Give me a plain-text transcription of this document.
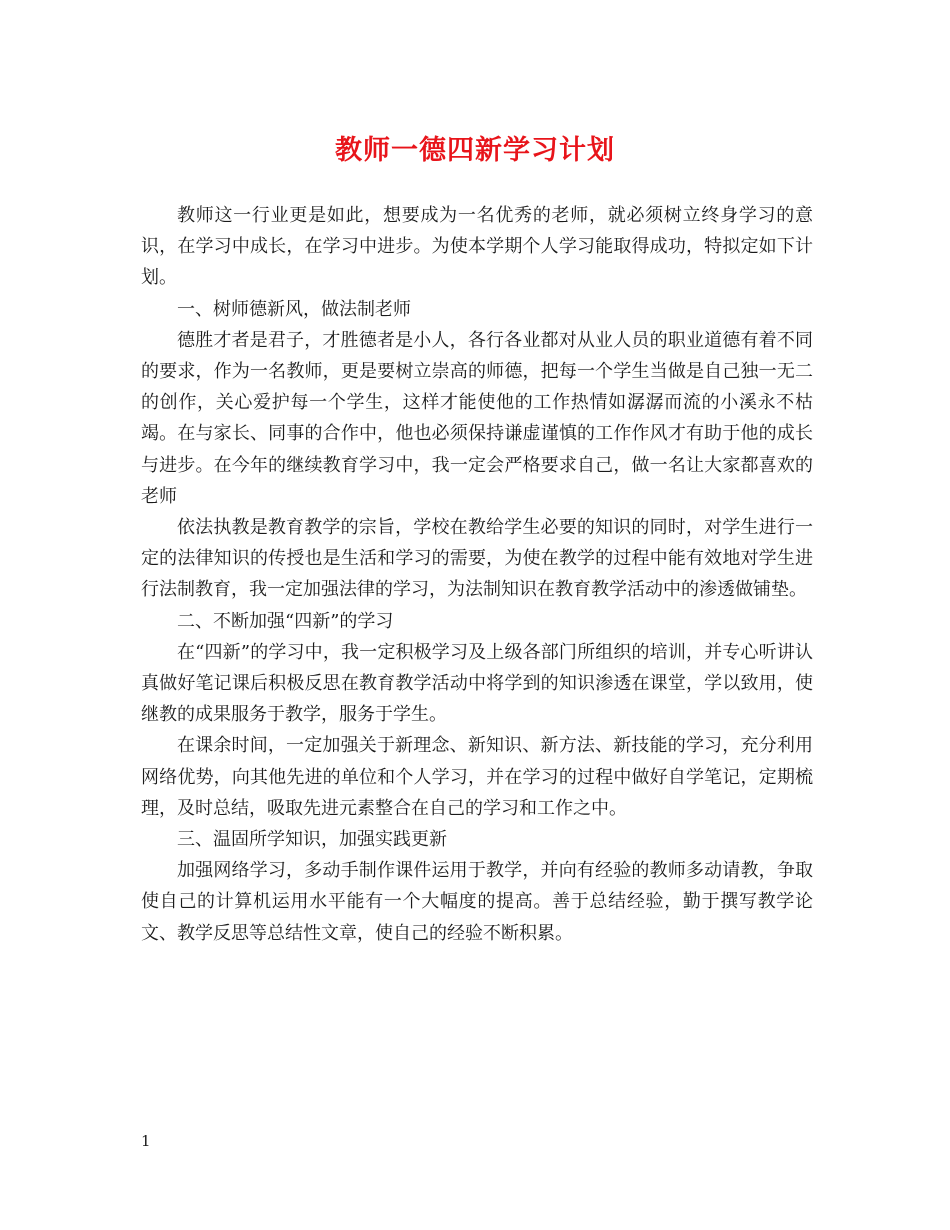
教师一德四新学习计划

教师这一行业更是如此，想要成为一名优秀的老师，就必须树立终身学习的意识，在学习中成长，在学习中进步。为使本学期个人学习能取得成功，特拟定如下计划。

一、树师德新风，做法制老师

德胜才者是君子，才胜德者是小人，各行各业都对从业人员的职业道德有着不同的要求，作为一名教师，更是要树立崇高的师德，把每一个学生当做是自己独一无二的创作，关心爱护每一个学生，这样才能使他的工作热情如潺潺而流的小溪永不枯竭。在与家长、同事的合作中，他也必须保持谦虚谨慎的工作作风才有助于他的成长与进步。在今年的继续教育学习中，我一定会严格要求自己，做一名让大家都喜欢的老师

依法执教是教育教学的宗旨，学校在教给学生必要的知识的同时，对学生进行一定的法律知识的传授也是生活和学习的需要，为使在教学的过程中能有效地对学生进行法制教育，我一定加强法律的学习，为法制知识在教育教学活动中的渗透做铺垫。

二、不断加强“四新”的学习

在“四新”的学习中，我一定积极学习及上级各部门所组织的培训，并专心听讲认真做好笔记课后积极反思在教育教学活动中将学到的知识渗透在课堂，学以致用，使继教的成果服务于教学，服务于学生。

在课余时间，一定加强关于新理念、新知识、新方法、新技能的学习，充分利用网络优势，向其他先进的单位和个人学习，并在学习的过程中做好自学笔记，定期梳理，及时总结，吸取先进元素整合在自己的学习和工作之中。

三、温固所学知识，加强实践更新

加强网络学习，多动手制作课件运用于教学，并向有经验的教师多动请教，争取使自己的计算机运用水平能有一个大幅度的提高。善于总结经验，勤于撰写教学论文、教学反思等总结性文章，使自己的经验不断积累。

1
